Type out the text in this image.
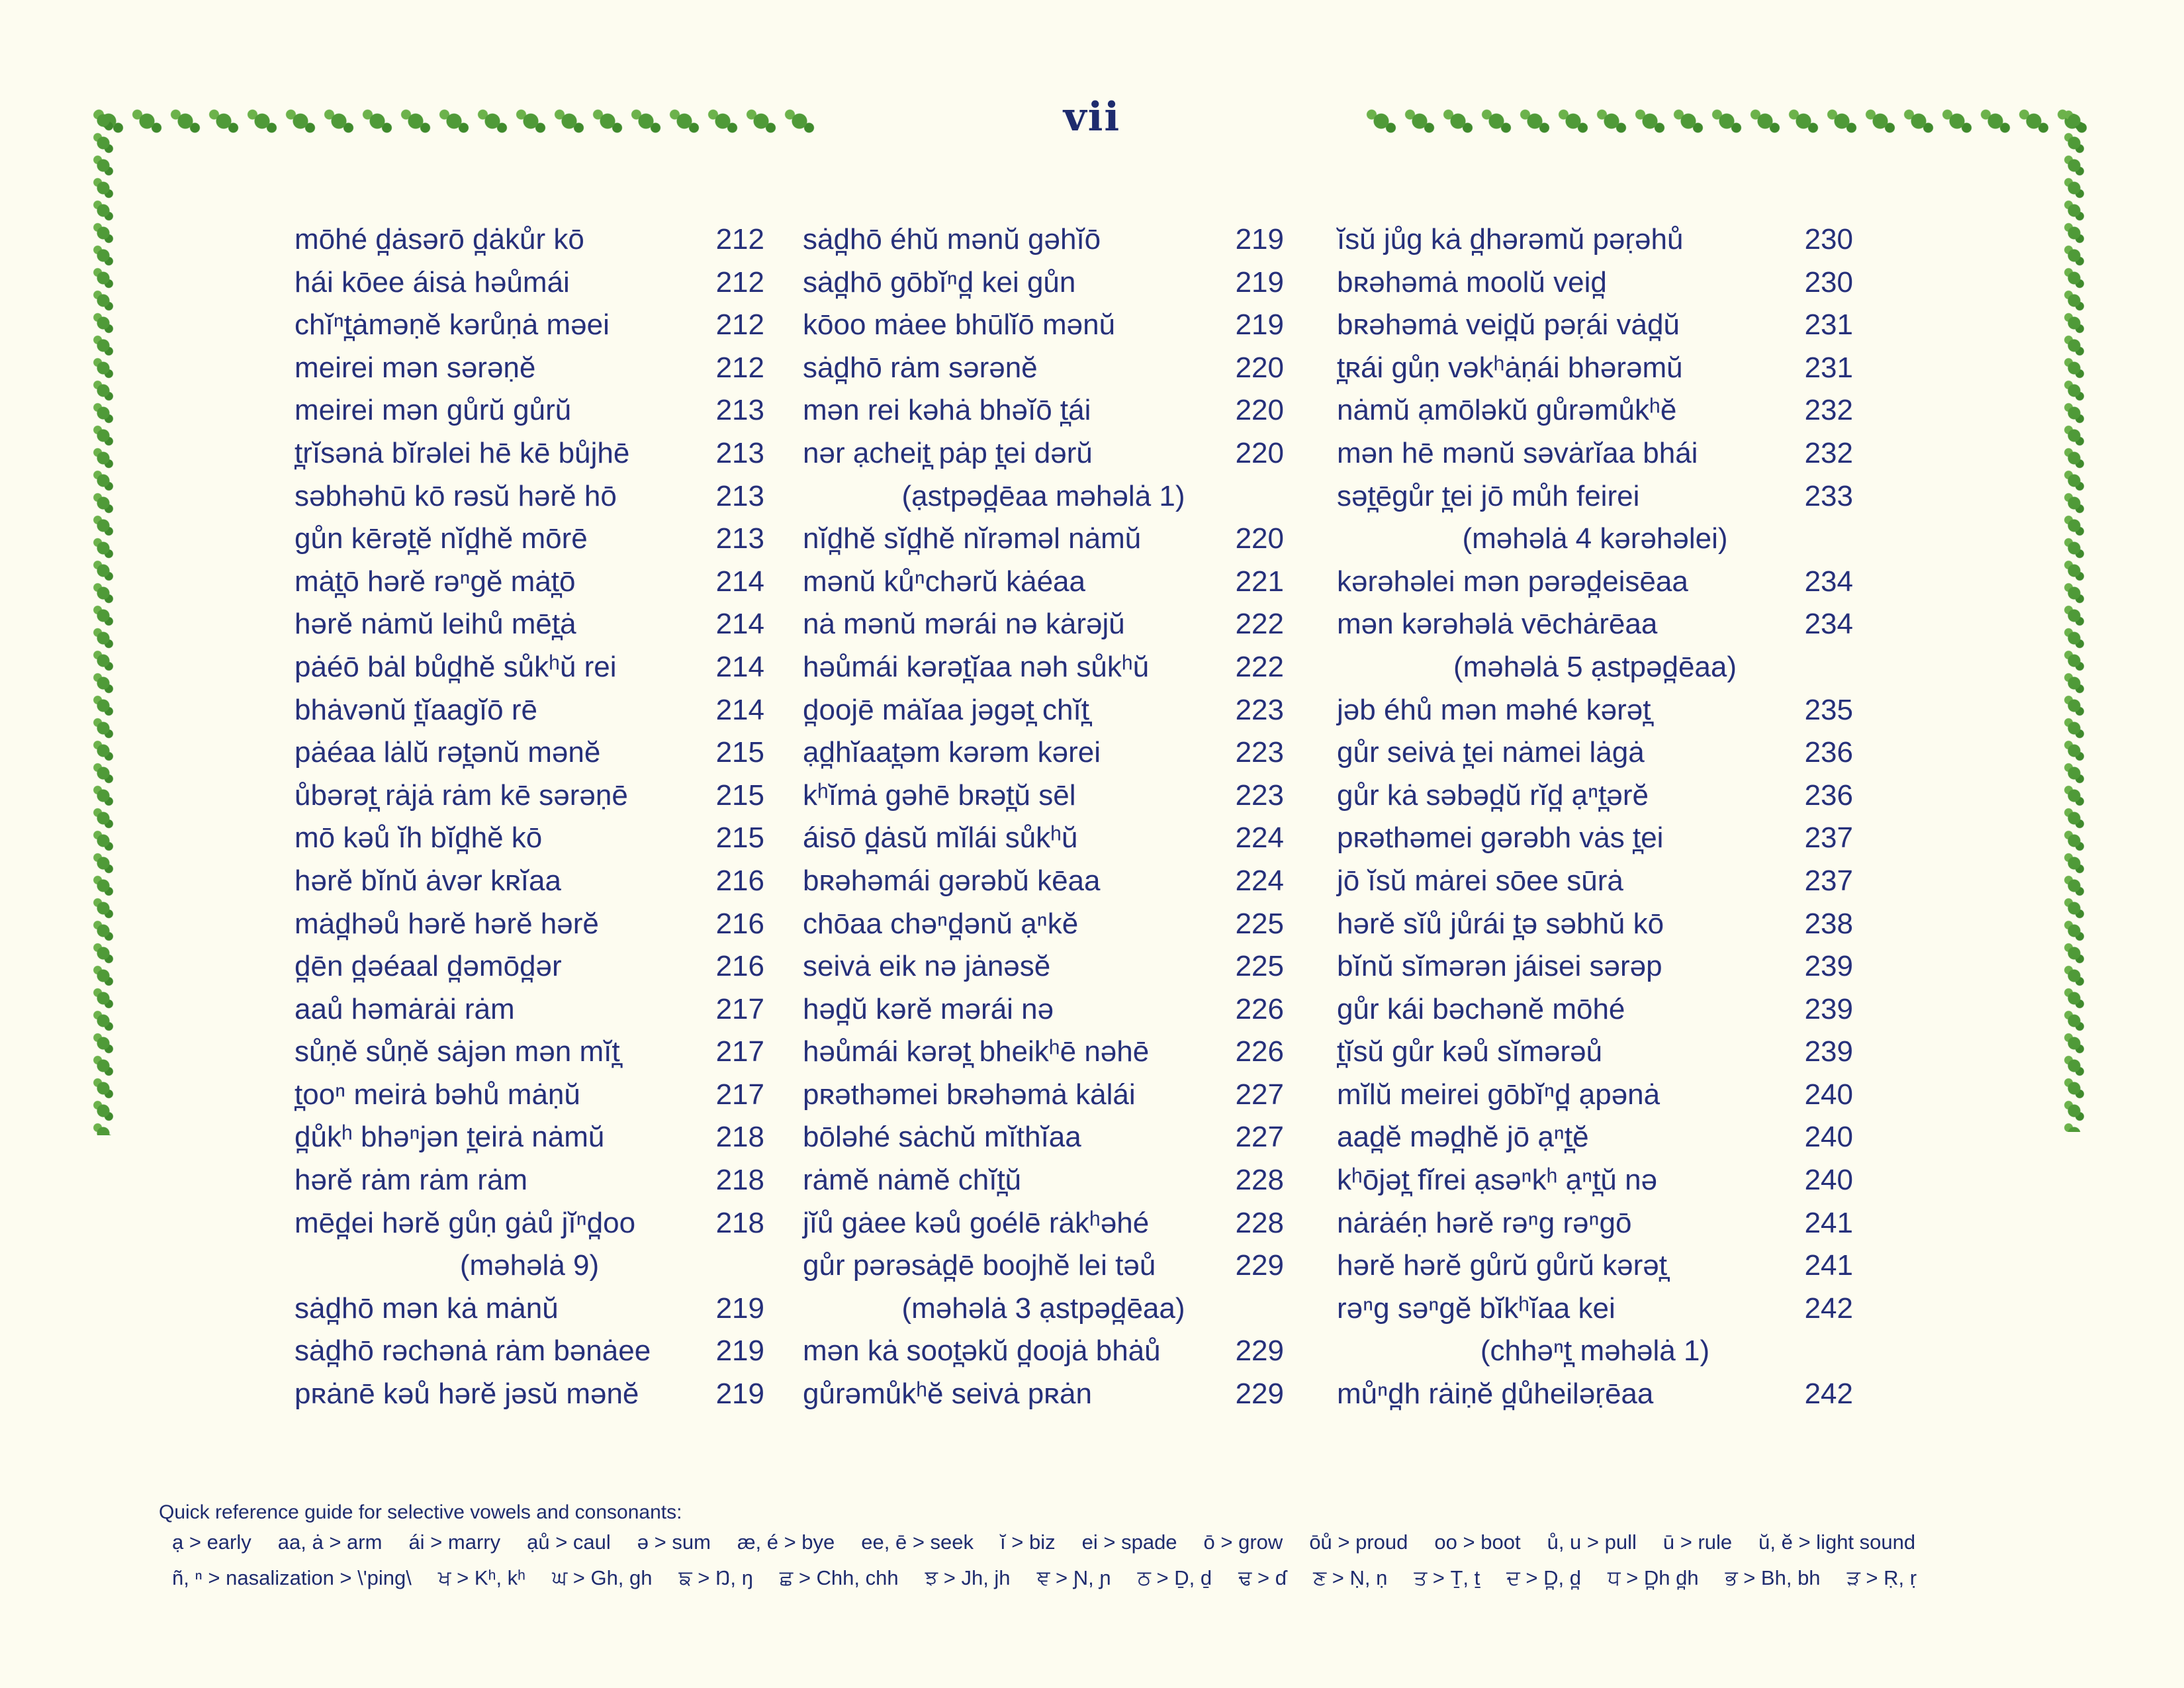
vii
mōhé d̪ȧsərō d̪ȧkůr kō	212
hái kōee áisȧ həůmái	212
chĭⁿt̪ȧməṇĕ kərůṇȧ məei	212
meirei mən sərəṇĕ	212
meirei mən gůrŭ gůrŭ	213
t̪rĭsənȧ bĭrəlei hē kē bůjhē	213
səbhəhū kō rəsŭ hərĕ hō	213
gůn kērət̪ĕ nĭd̪hĕ mōrē	213
mȧt̪ō hərĕ rəⁿgĕ mȧt̪ō	214
hərĕ nȧmŭ leihů mēt̪ȧ	214
pȧéō bȧl bůd̪hĕ sůkʰŭ rei	214
bhȧvənŭ t̪ĭaagĭō rē	214
pȧéaa lȧlŭ rət̪ənŭ mənĕ	215
ůbərət̪ rȧjȧ rȧm kē sərəṇē	215
mō kəů ĭh bĭd̪hĕ kō	215
hərĕ bĭnŭ ȧvər kʀĭaa	216
mȧd̪həů hərĕ hərĕ hərĕ	216
d̪ēn d̪əéaal d̪əmōd̪ər	216
aaů həmȧrȧi rȧm	217
sůṇĕ sůṇĕ sȧjən mən mĭt̪	217
t̪ooⁿ meirȧ bəhů mȧṇŭ	217
d̪ůkʰ bhəⁿjən t̪eirȧ nȧmŭ	218
hərĕ rȧm rȧm rȧm	218
mēd̪ei hərĕ gůṇ gȧů jĭⁿd̪oo	218
(məhəlȧ 9)
sȧd̪hō mən kȧ mȧnŭ	219
sȧd̪hō rəchənȧ rȧm bənȧee 219
pʀȧnē kəů hərĕ jəsŭ mənĕ	219
sȧd̪hō éhŭ mənŭ gəhĭō	219
sȧd̪hō gōbĭⁿd̪ kei gůn	219
kōoo mȧee bhūlĭō mənŭ	219
sȧd̪hō rȧm sərənĕ	220
mən rei kəhȧ bhəĭō t̪ái	220
nər ạcheit̪ pȧp t̪ei dərŭ	220
(ạstpəd̪ēaa məhəlȧ 1)
nĭd̪hĕ sĭd̪hĕ nĭrəməl nȧmŭ	220
mənŭ kůⁿchərŭ kȧéaa	221
nȧ mənŭ mərái nə kȧrəjŭ	222
həůmái kərət̪ĭaa nəh sůkʰŭ	222
d̪oojē mȧĭaa jəgət̪ chĭt̪	223
ạd̪hĭaat̪əm kərəm kərei	223
kʰĭmȧ gəhē bʀət̪ŭ sēl	223
áisō d̪ȧsŭ mĭlái sůkʰŭ	224
bʀəhəmái gərəbŭ kēaa	224
chōaa chəⁿd̪ənŭ ạⁿkĕ	225
seivȧ eik nə jȧnəsĕ	225
həd̪ŭ kərĕ mərái nə	226
həůmái kərət̪ bheikʰē nəhē	226
pʀəthəmei bʀəhəmȧ kȧlái	227
bōləhé sȧchŭ mĭthĭaa	227
rȧmĕ nȧmĕ chĭt̪ŭ	228
jĭů gȧee kəů goélē rȧkʰəhé	228
gůr pərəsȧd̪ē boojhĕ lei təů	229
(məhəlȧ 3 ạstpəd̪ēaa)
mən kȧ soot̪əkŭ d̪oojȧ bhȧů	229
gůrəmůkʰĕ seivȧ pʀȧn	229
ĭsŭ jůg kȧ d̪hərəmŭ pəṛəhů	230
bʀəhəmȧ moolŭ veid̪	230
bʀəhəmȧ veid̪ŭ pəṛái vȧd̪ŭ	231
t̪ʀái gůṇ vəkʰȧṇái bhərəmŭ	231
nȧmŭ ạmōləkŭ gůrəmůkʰĕ	232
mən hē mənŭ səvȧrĭaa bhái	232
sət̪ēgůr t̪ei jō můh feirei	233
(məhəlȧ 4 kərəhəlei)
kərəhəlei mən pərəd̪eisēaa	234
mən kərəhəlȧ vēchȧrēaa	234
(məhəlȧ 5 ạstpəd̪ēaa)
jəb éhů mən məhé kərət̪	235
gůr seivȧ t̪ei nȧmei lȧgȧ	236
gůr kȧ səbəd̪ŭ rĭd̪ ạⁿt̪ərĕ	236
pʀəthəmei gərəbh vȧs t̪ei	237
jō ĭsŭ mȧrei sōee sūrȧ	237
hərĕ sĭů jůrái t̪ə səbhŭ kō	238
bĭnŭ sĭmərən jáisei sərəp	239
gůr kái bəchənĕ mōhé	239
t̪ĭsŭ gůr kəů sĭmərəů	239
mĭlŭ meirei gōbĭⁿd̪ ạpənȧ	240
aad̪ĕ məd̪hĕ jō ạⁿt̪ĕ	240
kʰōjət̪ fĭrei ạsəⁿkʰ ạⁿt̪ŭ nə	240
nȧrȧéṇ hərĕ rəⁿg rəⁿgō	241
hərĕ hərĕ gůrŭ gůrŭ kərət̪	241
rəⁿg səⁿgĕ bĭkʰĭaa kei	242
(chhəⁿt̪ məhəlȧ 1)
můⁿd̪h rȧiṇĕ d̪ůheiləṛēaa	242
Quick reference guide for selective vowels and consonants:
ạ > early aa, ȧ > arm ái > marry ạů > caul ə > sum æ, é > bye ee, ē > seek ĭ > biz ei > spade ō > grow ōů > proud oo > boot ů, u > pull ū > rule ŭ, ĕ > light sound
ñ, ⁿ > nasalization > \'ping\ ਖ > Kʰ, kʰ ਘ > Gh, gh ਙ > Ŋ, ŋ ਛ > Chh, chh ਝ > Jh, jh ਞ > Ɲ, ɲ ਠ > Ḏ, ḏ ਢ > ɗ ਣ > Ṇ, ṇ ਤ > Ṯ, ṯ ਦ > D̪, d̪ ਧ > D̪h d̪h ਭ > Bh, bh ੜ > Ṛ, ṛ
